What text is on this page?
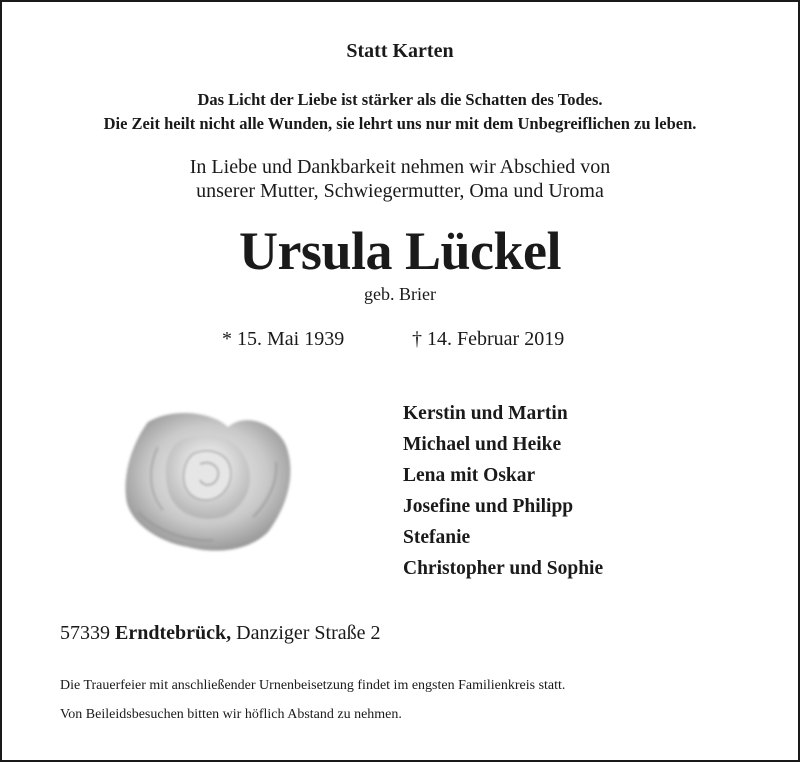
Statt Karten
Das Licht der Liebe ist stärker als die Schatten des Todes.
Die Zeit heilt nicht alle Wunden, sie lehrt uns nur mit dem Unbegreiflichen zu leben.
In Liebe und Dankbarkeit nehmen wir Abschied von
unserer Mutter, Schwiegermutter, Oma und Uroma
Ursula Lückel
geb. Brier
* 15. Mai 1939	† 14. Februar 2019
Kerstin und Martin
Michael und Heike
Lena mit Oskar
Josefine und Philipp
Stefanie
Christopher und Sophie
57339 Erndtebrück, Danziger Straße 2
Die Trauerfeier mit anschließender Urnenbeisetzung findet im engsten Familienkreis statt.
Von Beileidsbesuchen bitten wir höflich Abstand zu nehmen.
